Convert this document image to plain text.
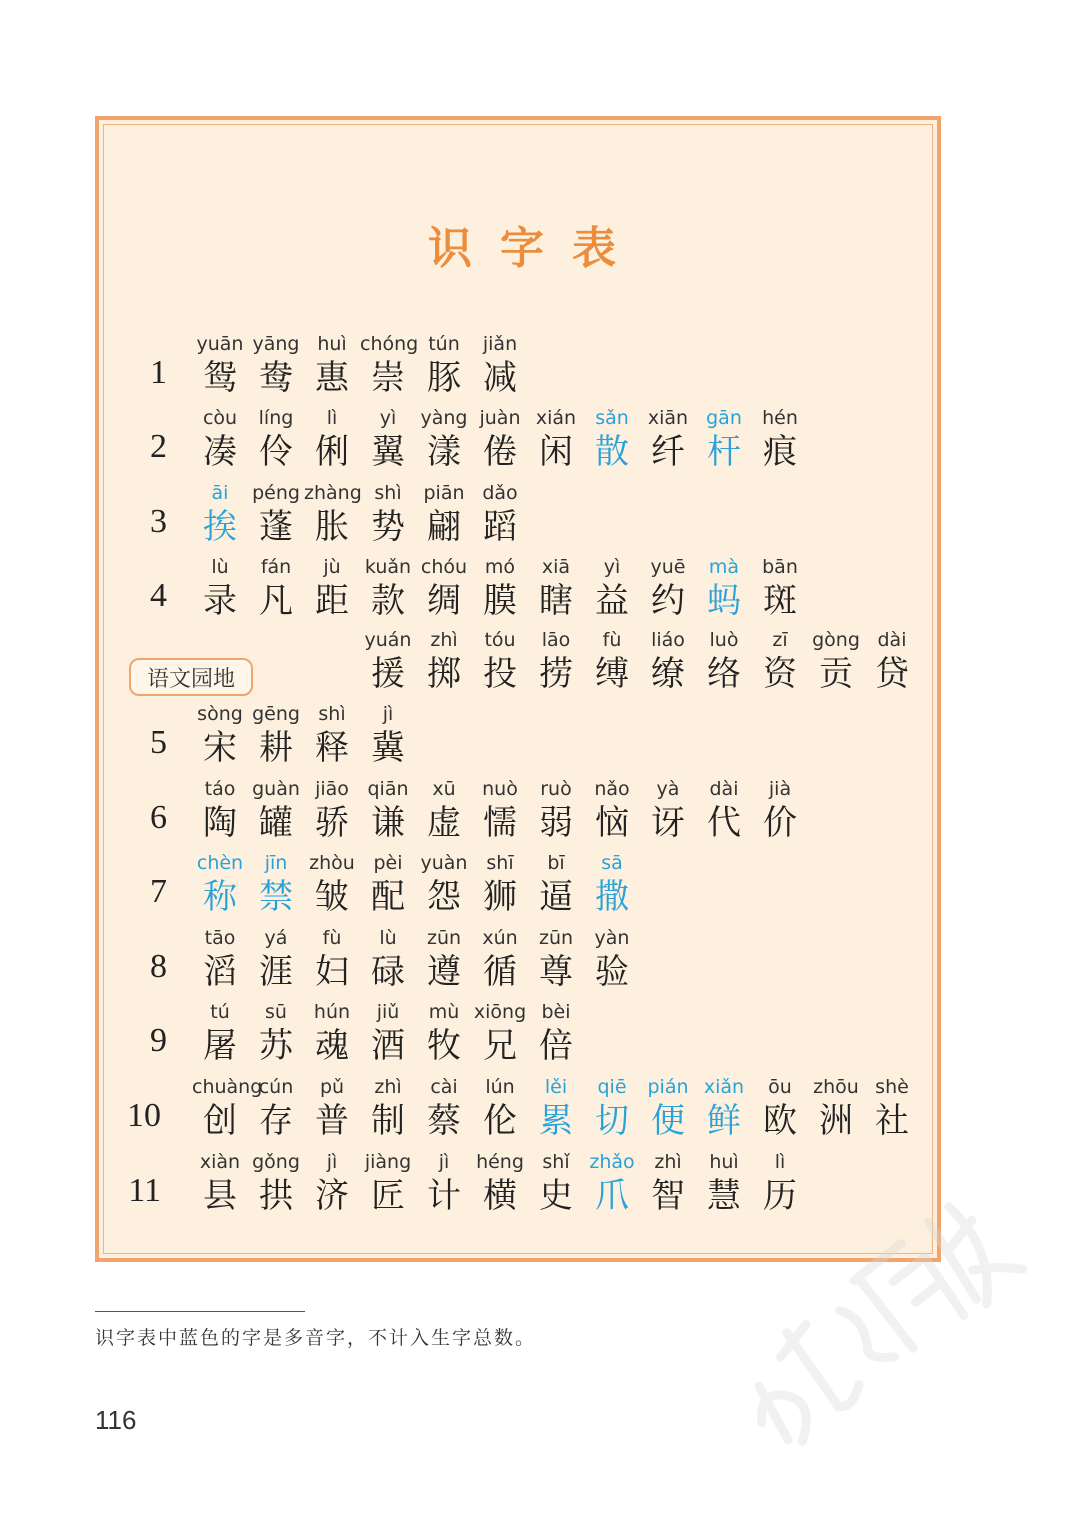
识字表
1
yuān
鸳
yāng
鸯
huì
惠
chóng
崇
tún
豚
jiǎn
减
2
còu
凑
líng
伶
lì
俐
yì
翼
yàng
漾
juàn
倦
xián
闲
sǎn
散
xiān
纤
gān
杆
hén
痕
3
āi
挨
péng
蓬
zhàng
胀
shì
势
piān
翩
dǎo
蹈
4
lù
录
fán
凡
jù
距
kuǎn
款
chóu
绸
mó
膜
xiā
瞎
yì
益
yuē
约
mà
蚂
bān
斑
语文园地
yuán
援
zhì
掷
tóu
投
lāo
捞
fù
缚
liáo
缭
luò
络
zī
资
gòng
贡
dài
贷
5
sòng
宋
gēng
耕
shì
释
jì
冀
6
táo
陶
guàn
罐
jiāo
骄
qiān
谦
xū
虚
nuò
懦
ruò
弱
nǎo
恼
yà
讶
dài
代
jià
价
7
chèn
称
jīn
禁
zhòu
皱
pèi
配
yuàn
怨
shī
狮
bī
逼
sā
撒
8
tāo
滔
yá
涯
fù
妇
lù
碌
zūn
遵
xún
循
zūn
尊
yàn
验
9
tú
屠
sū
苏
hún
魂
jiǔ
酒
mù
牧
xiōng
兄
bèi
倍
10
chuàng
创
cún
存
pǔ
普
zhì
制
cài
蔡
lún
伦
lěi
累
qiē
切
pián
便
xiǎn
鲜
ōu
欧
zhōu
洲
shè
社
11
xiàn
县
gǒng
拱
jì
济
jiàng
匠
jì
计
héng
横
shǐ
史
zhǎo
爪
zhì
智
huì
慧
lì
历
识字表中蓝色的字是多音字，不计入生字总数。
116
